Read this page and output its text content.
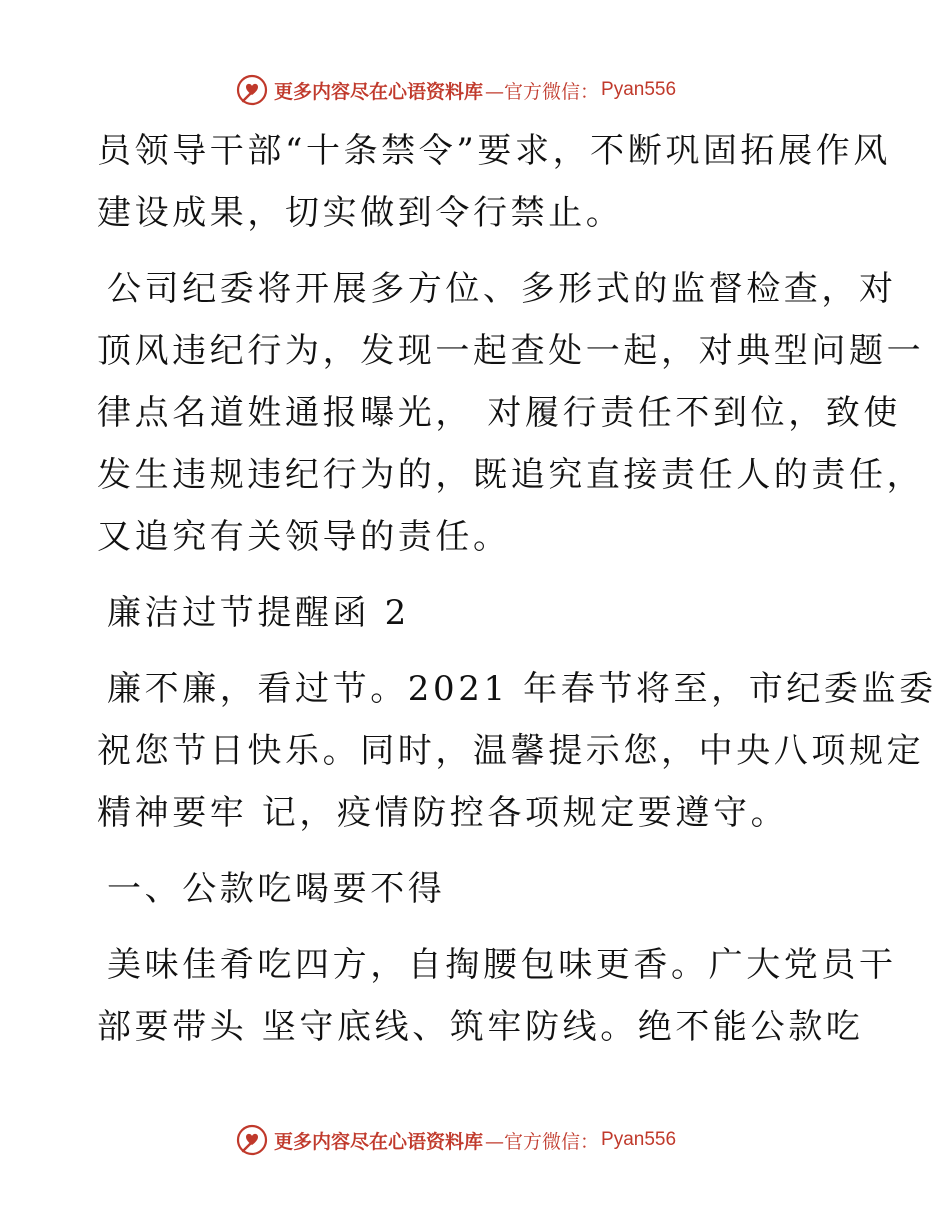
更多内容尽在心语资料库 —官方微信： Pyan556
员领导干部“十条禁令”要求，不断巩固拓展作风
建设成果，切实做到令行禁止。
公司纪委将开展多方位、多形式的监督检查，对
顶风违纪行为，发现一起查处一起，对典型问题一
律点名道姓通报曝光， 对履行责任不到位，致使
发生违规违纪行为的，既追究直接责任人的责任，
又追究有关领导的责任。
廉洁过节提醒函 2
廉不廉，看过节。2021 年春节将至，市纪委监委
祝您节日快乐。同时，温馨提示您，中央八项规定
精神要牢 记，疫情防控各项规定要遵守。
一、公款吃喝要不得
美味佳肴吃四方，自掏腰包味更香。广大党员干
部要带头 坚守底线、筑牢防线。绝不能公款吃
更多内容尽在心语资料库 —官方微信： Pyan556
